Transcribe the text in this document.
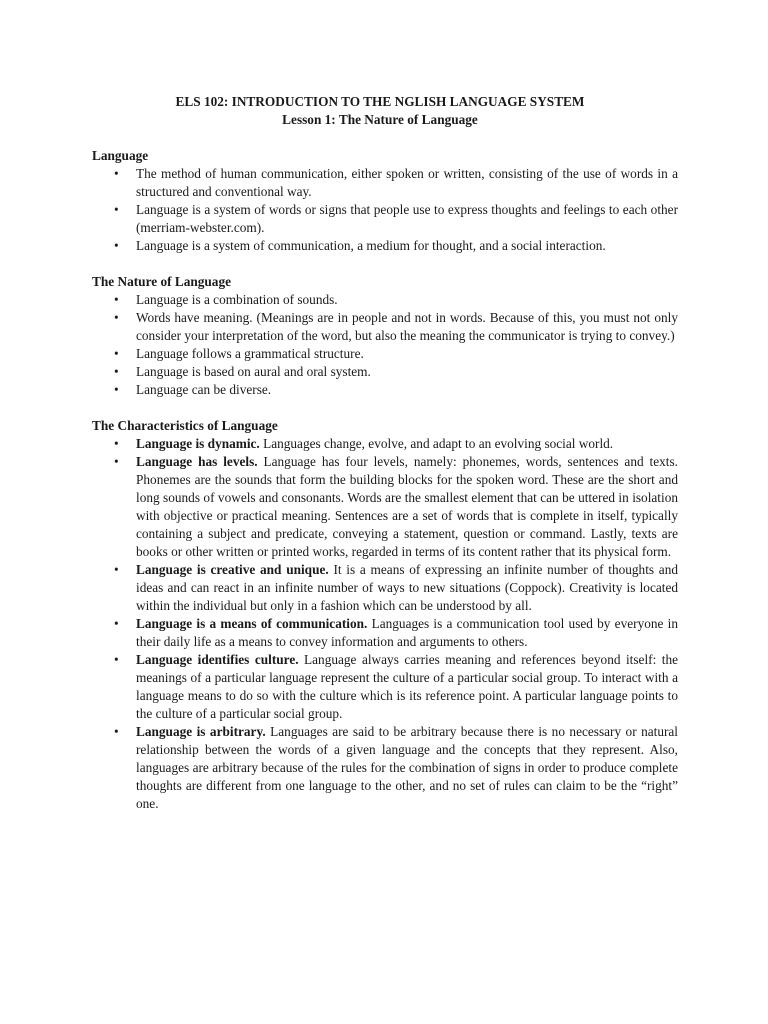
ELS 102: INTRODUCTION TO THE NGLISH LANGUAGE SYSTEM
Lesson 1: The Nature of Language
Language
•	The method of human communication, either spoken or written, consisting of the use of words in a structured and conventional way.
•	Language is a system of words or signs that people use to express thoughts and feelings to each other (merriam-webster.com).
•	Language is a system of communication, a medium for thought, and a social interaction.
The Nature of Language
•	Language is a combination of sounds.
•	Words have meaning. (Meanings are in people and not in words. Because of this, you must not only consider your interpretation of the word, but also the meaning the communicator is trying to convey.)
•	Language follows a grammatical structure.
•	Language is based on aural and oral system.
•	Language can be diverse.
The Characteristics of Language
•	Language is dynamic. Languages change, evolve, and adapt to an evolving social world.
•	Language has levels. Language has four levels, namely: phonemes, words, sentences and texts. Phonemes are the sounds that form the building blocks for the spoken word. These are the short and long sounds of vowels and consonants. Words are the smallest element that can be uttered in isolation with objective or practical meaning. Sentences are a set of words that is complete in itself, typically containing a subject and predicate, conveying a statement, question or command. Lastly, texts are books or other written or printed works, regarded in terms of its content rather that its physical form.
•	Language is creative and unique. It is a means of expressing an infinite number of thoughts and ideas and can react in an infinite number of ways to new situations (Coppock). Creativity is located within the individual but only in a fashion which can be understood by all.
•	Language is a means of communication. Languages is a communication tool used by everyone in their daily life as a means to convey information and arguments to others.
•	Language identifies culture. Language always carries meaning and references beyond itself: the meanings of a particular language represent the culture of a particular social group. To interact with a language means to do so with the culture which is its reference point. A particular language points to the culture of a particular social group.
•	Language is arbitrary. Languages are said to be arbitrary because there is no necessary or natural relationship between the words of a given language and the concepts that they represent. Also, languages are arbitrary because of the rules for the combination of signs in order to produce complete thoughts are different from one language to the other, and no set of rules can claim to be the “right” one.
